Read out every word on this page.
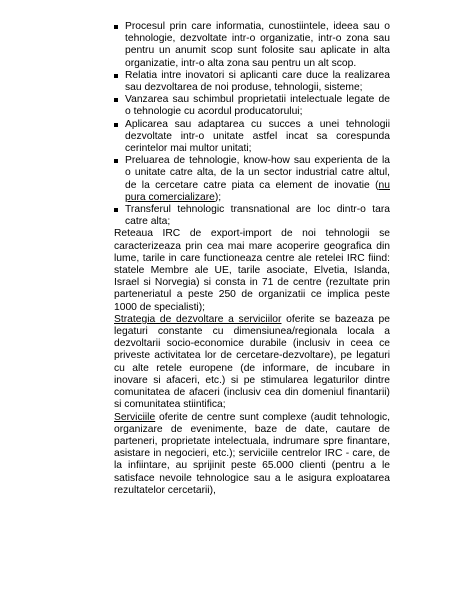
Procesul prin care informatia, cunostiintele, ideea sau o tehnologie, dezvoltate intr-o organizatie, intr-o zona sau pentru un anumit scop sunt folosite sau aplicate in alta organizatie, intr-o alta zona sau pentru un alt scop.
Relatia intre inovatori si aplicanti care duce la realizarea sau dezvoltarea de noi produse, tehnologii, sisteme;
Vanzarea sau schimbul proprietatii intelectuale legate de o tehnologie cu acordul producatorului;
Aplicarea sau adaptarea cu succes a unei tehnologii dezvoltate intr-o unitate astfel incat sa corespunda cerintelor mai multor unitati;
Preluarea de tehnologie, know-how sau experienta de la o unitate catre alta, de la un sector industrial catre altul, de la cercetare catre piata ca element de inovatie (nu pura comercializare);
Transferul tehnologic transnational are loc dintr-o tara catre alta;

Reteaua IRC de export-import de noi tehnologii se caracterizeaza prin cea mai mare acoperire geografica din lume, tarile in care functioneaza centre ale retelei IRC fiind: statele Membre ale UE, tarile asociate, Elvetia, Islanda, Israel si Norvegia) si consta in 71 de centre (rezultate prin parteneriatul a peste 250 de organizatii ce implica peste 1000 de specialisti);

Strategia de dezvoltare a serviciilor oferite se bazeaza pe legaturi constante cu dimensiunea/regionala locala a dezvoltarii socio-economice durabile (inclusiv in ceea ce priveste activitatea lor de cercetare-dezvoltare), pe legaturi cu alte retele europene (de informare, de incubare in inovare si afaceri, etc.) si pe stimularea legaturilor dintre comunitatea de afaceri (inclusiv cea din domeniul finantarii) si comunitatea stiintifica;

Serviciile oferite de centre sunt complexe (audit tehnologic, organizare de evenimente, baze de date, cautare de parteneri, proprietate intelectuala, indrumare spre finantare, asistare in negocieri, etc.); serviciile centrelor IRC - care, de la infiintare, au sprijinit peste 65.000 clienti (pentru a le satisface nevoile tehnologice sau a le asigura exploatarea rezultatelor cercetarii),
